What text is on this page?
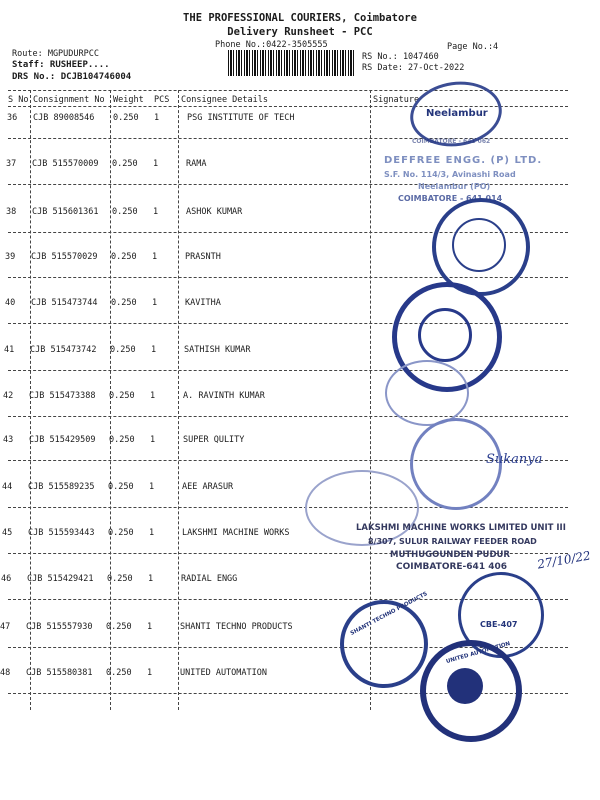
THE PROFESSIONAL COURIERS, Coimbatore
Delivery Runsheet - PCC
Phone No.:0422-3505555	Page No.:4
Route: MGPUDURPCC
Staff: RUSHEEP....
DRS No.: DCJB104746004
RS No.: 1047460
RS Date: 27-Oct-2022
S No Consignment No Weight PCS Consignee Details	Signature
36 CJB 89008546 0.250 1	PSG INSTITUTE OF TECH
37 CJB 515570009 0.250 1	RAMA
38 CJB 515601361 0.250 1	ASHOK KUMAR
39 CJB 515570029 0.250 1	PRASNTH
40 CJB 515473744 0.250 1	KAVITHA
41 CJB 515473742 0.250 1	SATHISH KUMAR
42 CJB 515473388 0.250 1	A. RAVINTH KUMAR
43 CJB 515429509 0.250 1	SUPER QULITY
44 CJB 515589235 0.250 1	AEE ARASUR
45 CJB 515593443 0.250 1	LAKSHMI MACHINE WORKS
46 CJB 515429421 0.250 1	RADIAL ENGG
47 CJB 515557930 0.250 1	SHANTI TECHNO PRODUCTS
48 CJB 515580381 0.250 1	UNITED AUTOMATION
Neelambur
COIMBATORE - 641 062
DEFFREE ENGG. (P) LTD.
S.F. No. 114/3, Avinashi Road
Neelambur (PO)
COIMBATORE - 641 014
Sukanya
LAKSHMI MACHINE WORKS LIMITED UNIT III
8/307, SULUR RAILWAY FEEDER ROAD
MUTHUGOUNDEN PUDUR
COIMBATORE-641 406 27/10/22
CBE-407
SHANTI TECHNO PRODUCTS
UNITED AUTOMATION
